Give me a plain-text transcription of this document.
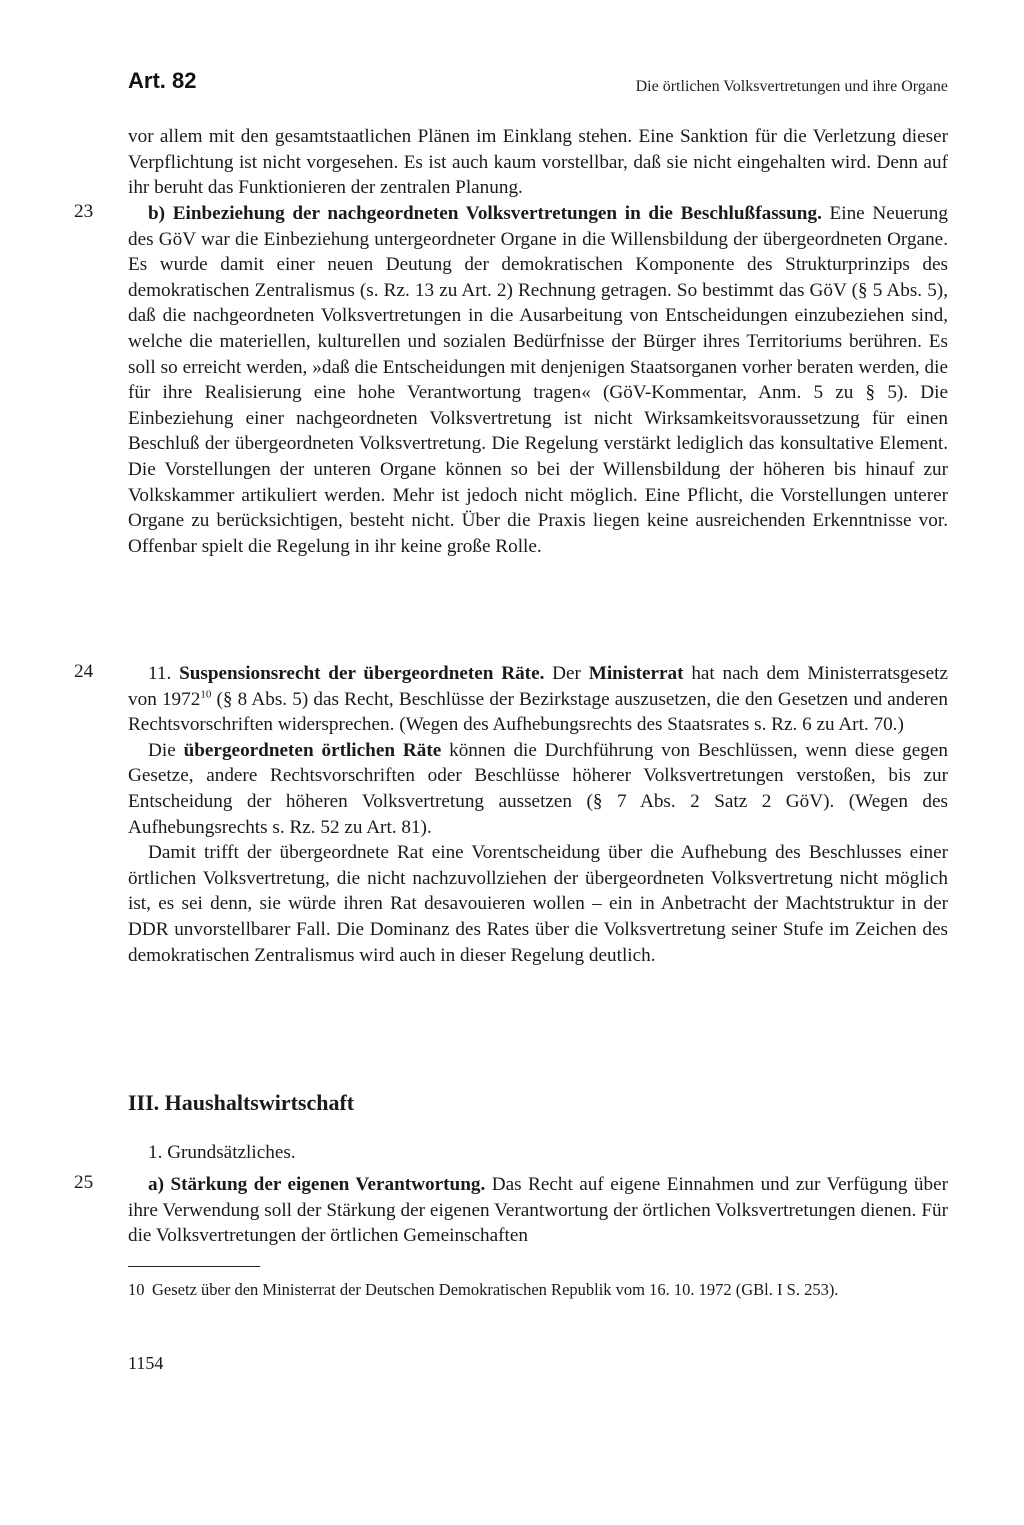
Art. 82	Die örtlichen Volksvertretungen und ihre Organe

vor allem mit den gesamtstaatlichen Plänen im Einklang stehen. Eine Sanktion für die Verletzung dieser Verpflichtung ist nicht vorgesehen. Es ist auch kaum vorstellbar, daß sie nicht eingehalten wird. Denn auf ihr beruht das Funktionieren der zentralen Planung.

23	b) Einbeziehung der nachgeordneten Volksvertretungen in die Beschlußfassung. Eine Neuerung des GöV war die Einbeziehung untergeordneter Organe in die Willensbildung der übergeordneten Organe. Es wurde damit einer neuen Deutung der demokratischen Komponente des Strukturprinzips des demokratischen Zentralismus (s. Rz. 13 zu Art. 2) Rechnung getragen. So bestimmt das GöV (§ 5 Abs. 5), daß die nachgeordneten Volksvertretungen in die Ausarbeitung von Entscheidungen einzubeziehen sind, welche die materiellen, kulturellen und sozialen Bedürfnisse der Bürger ihres Territoriums berühren. Es soll so erreicht werden, »daß die Entscheidungen mit denjenigen Staatsorganen vorher beraten werden, die für ihre Realisierung eine hohe Verantwortung tragen« (GöV-Kommentar, Anm. 5 zu § 5). Die Einbeziehung einer nachgeordneten Volksvertretung ist nicht Wirksamkeitsvoraussetzung für einen Beschluß der übergeordneten Volksvertretung. Die Regelung verstärkt lediglich das konsultative Element. Die Vorstellungen der unteren Organe können so bei der Willensbildung der höheren bis hinauf zur Volkskammer artikuliert werden. Mehr ist jedoch nicht möglich. Eine Pflicht, die Vorstellungen unterer Organe zu berücksichtigen, besteht nicht. Über die Praxis liegen keine ausreichenden Erkenntnisse vor. Offenbar spielt die Regelung in ihr keine große Rolle.

24	11. Suspensionsrecht der übergeordneten Räte. Der Ministerrat hat nach dem Ministerratsgesetz von 1972$^{10}$ (§ 8 Abs. 5) das Recht, Beschlüsse der Bezirkstage auszusetzen, die den Gesetzen und anderen Rechtsvorschriften widersprechen. (Wegen des Aufhebungsrechts des Staatsrates s. Rz. 6 zu Art. 70.)

Die übergeordneten örtlichen Räte können die Durchführung von Beschlüssen, wenn diese gegen Gesetze, andere Rechtsvorschriften oder Beschlüsse höherer Volksvertretungen verstoßen, bis zur Entscheidung der höheren Volksvertretung aussetzen (§ 7 Abs. 2 Satz 2 GöV). (Wegen des Aufhebungsrechts s. Rz. 52 zu Art. 81).

Damit trifft der übergeordnete Rat eine Vorentscheidung über die Aufhebung des Beschlusses einer örtlichen Volksvertretung, die nicht nachzuvollziehen der übergeordneten Volksvertretung nicht möglich ist, es sei denn, sie würde ihren Rat desavouieren wollen – ein in Anbetracht der Machtstruktur in der DDR unvorstellbarer Fall. Die Dominanz des Rates über die Volksvertretung seiner Stufe im Zeichen des demokratischen Zentralismus wird auch in dieser Regelung deutlich.

III. Haushaltswirtschaft
1. Grundsätzliches.
25	a) Stärkung der eigenen Verantwortung. Das Recht auf eigene Einnahmen und zur Verfügung über ihre Verwendung soll der Stärkung der eigenen Verantwortung der örtlichen Volksvertretungen dienen. Für die Volksvertretungen der örtlichen Gemeinschaften

10 Gesetz über den Ministerrat der Deutschen Demokratischen Republik vom 16. 10. 1972 (GBl. I S. 253).
1154
